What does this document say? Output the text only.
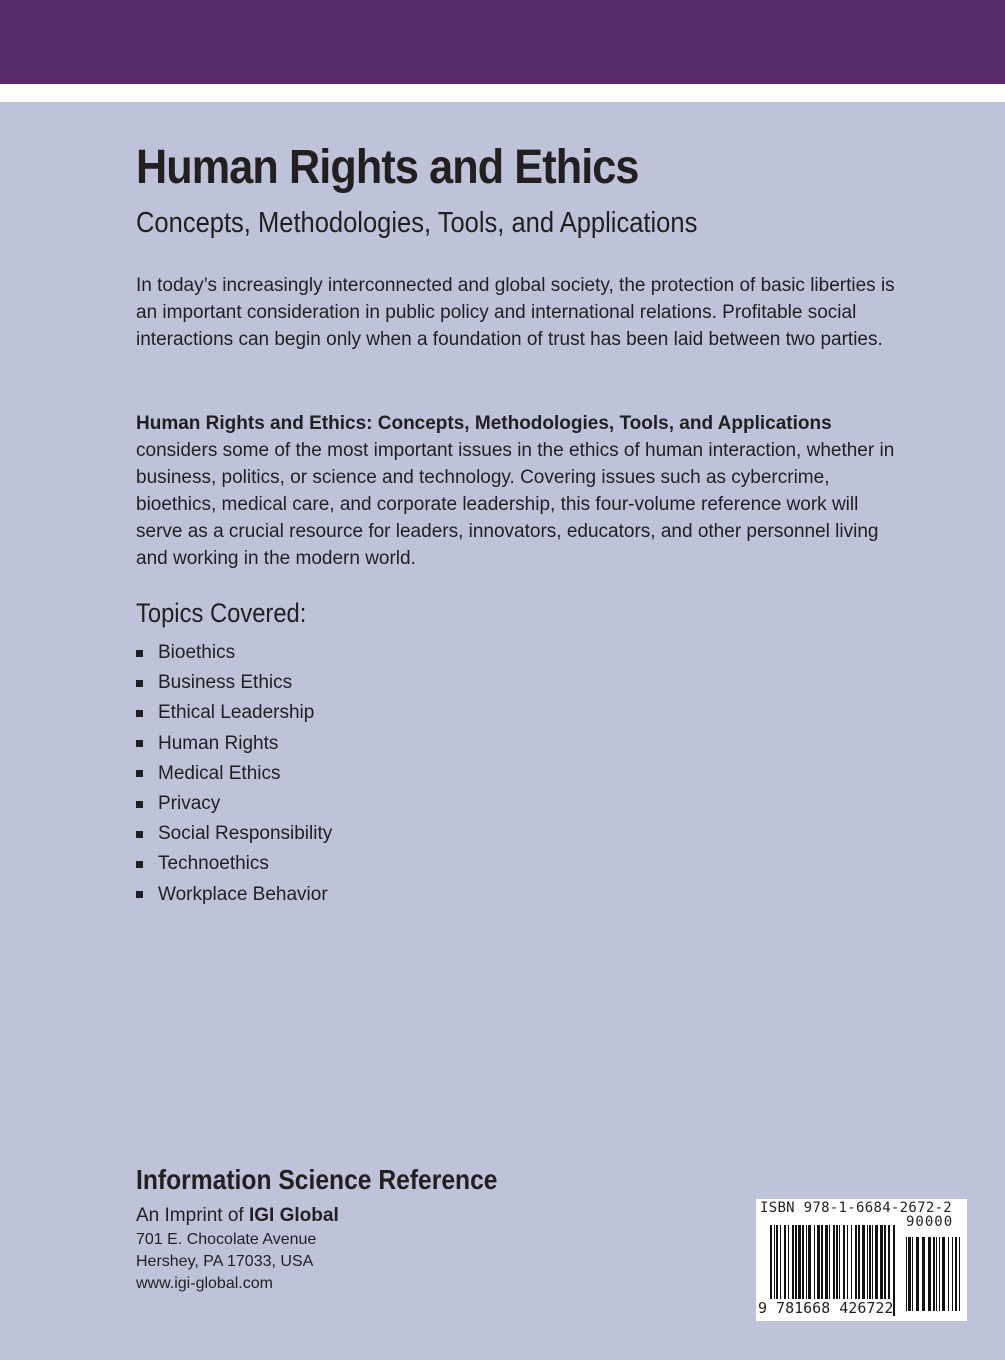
Human Rights and Ethics
Concepts, Methodologies, Tools, and Applications
In today’s increasingly interconnected and global society, the protection of basic liberties is an important consideration in public policy and international relations. Profitable social interactions can begin only when a foundation of trust has been laid between two parties.
Human Rights and Ethics: Concepts, Methodologies, Tools, and Applications considers some of the most important issues in the ethics of human interaction, whether in business, politics, or science and technology. Covering issues such as cybercrime, bioethics, medical care, and corporate leadership, this four-volume reference work will serve as a crucial resource for leaders, innovators, educators, and other personnel living and working in the modern world.
Topics Covered:
Bioethics
Business Ethics
Ethical Leadership
Human Rights
Medical Ethics
Privacy
Social Responsibility
Technoethics
Workplace Behavior
Information Science Reference
An Imprint of IGI Global
701 E. Chocolate Avenue
Hershey, PA 17033, USA
www.igi-global.com
ISBN 978-1-6684-2672-2
90000
9 781668 426722
